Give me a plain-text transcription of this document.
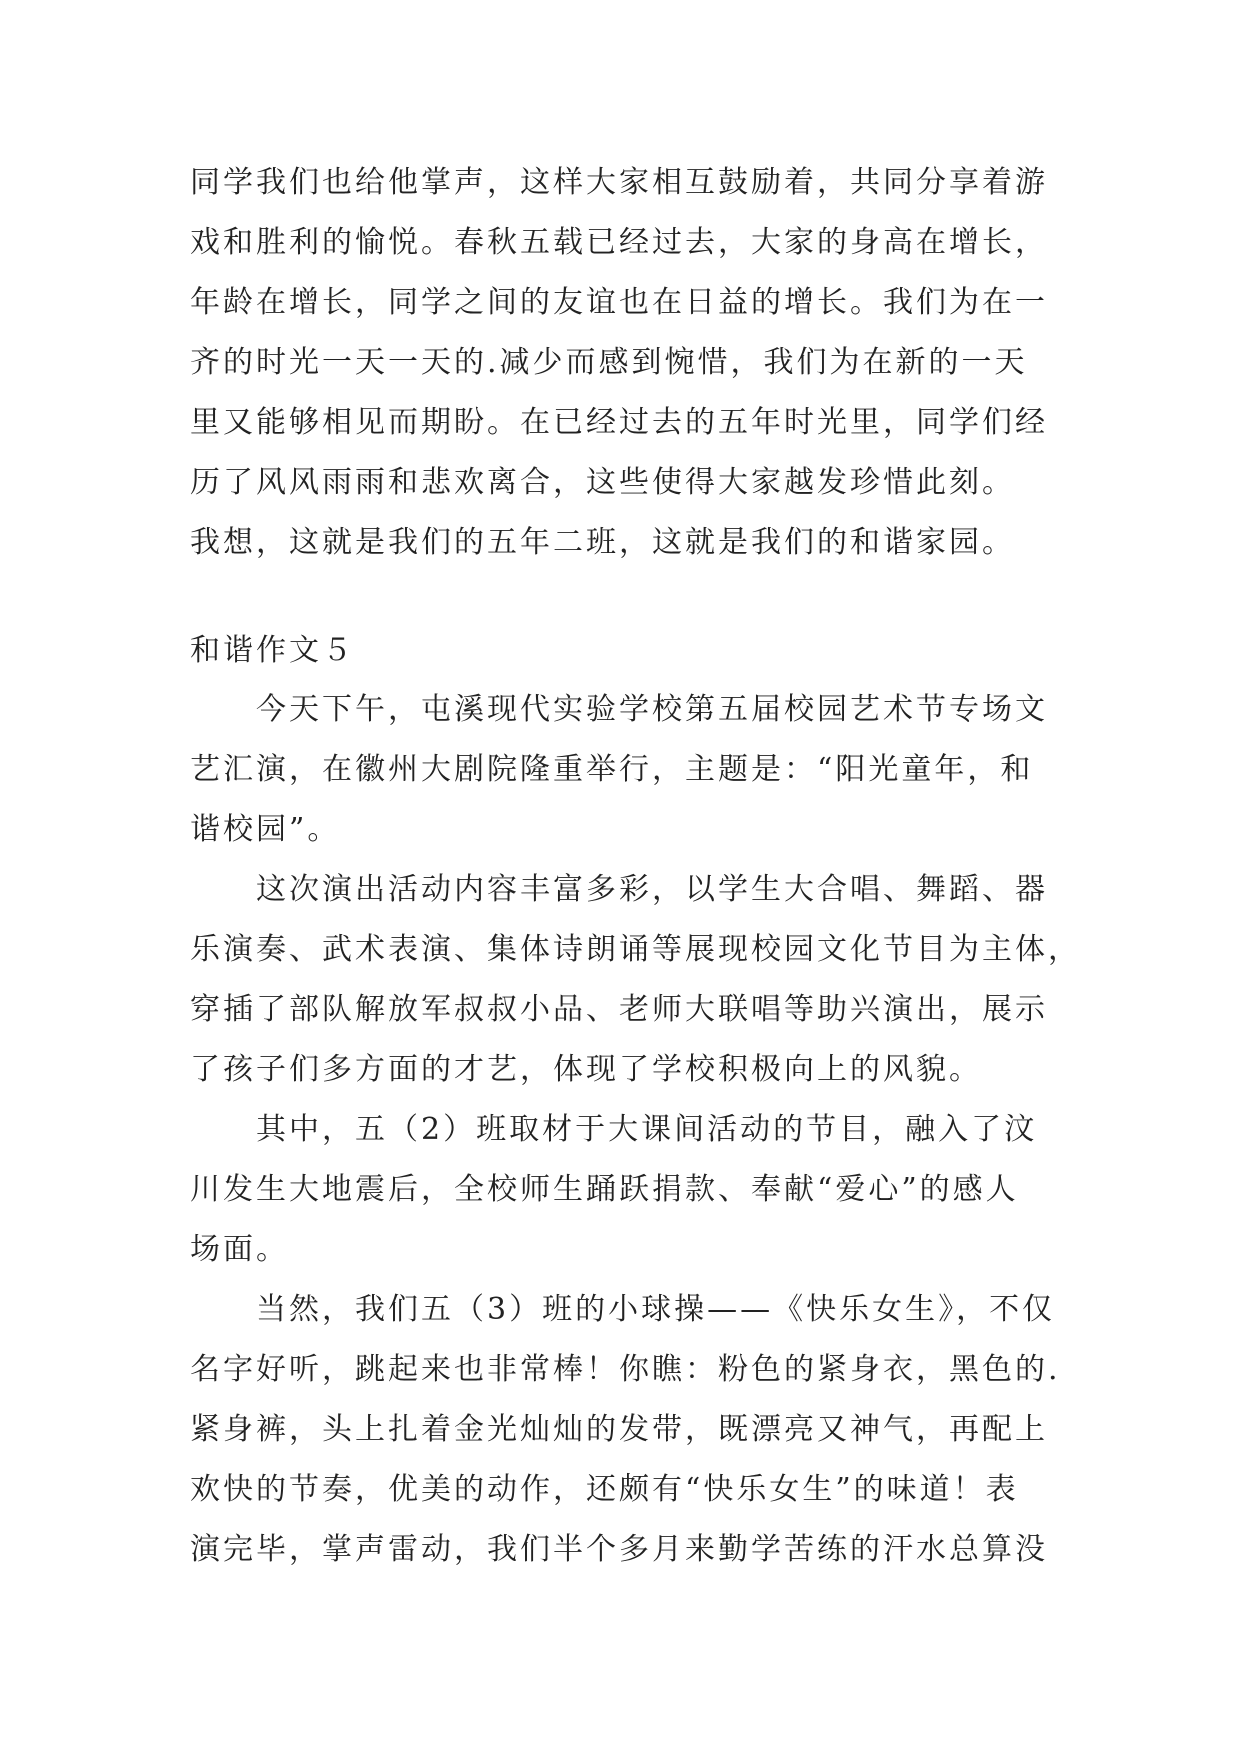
同学我们也给他掌声，这样大家相互鼓励着，共同分享着游
戏和胜利的愉悦。春秋五载已经过去，大家的身高在增长，
年龄在增长，同学之间的友谊也在日益的增长。我们为在一
齐的时光一天一天的.减少而感到惋惜，我们为在新的一天
里又能够相见而期盼。在已经过去的五年时光里，同学们经
历了风风雨雨和悲欢离合，这些使得大家越发珍惜此刻。
我想，这就是我们的五年二班，这就是我们的和谐家园。
和谐作文５
今天下午，屯溪现代实验学校第五届校园艺术节专场文
艺汇演，在徽州大剧院隆重举行，主题是：“阳光童年，和
谐校园”。
这次演出活动内容丰富多彩，以学生大合唱、舞蹈、器
乐演奏、武术表演、集体诗朗诵等展现校园文化节目为主体，
穿插了部队解放军叔叔小品、老师大联唱等助兴演出，展示
了孩子们多方面的才艺，体现了学校积极向上的风貌。
其中，五（2）班取材于大课间活动的节目，融入了汶
川发生大地震后，全校师生踊跃捐款、奉献“爱心”的感人
场面。
当然，我们五（3）班的小球操——《快乐女生》，不仅
名字好听，跳起来也非常棒！你瞧：粉色的紧身衣，黑色的.
紧身裤，头上扎着金光灿灿的发带，既漂亮又神气，再配上
欢快的节奏，优美的动作，还颇有“快乐女生”的味道！表
演完毕，掌声雷动，我们半个多月来勤学苦练的汗水总算没
